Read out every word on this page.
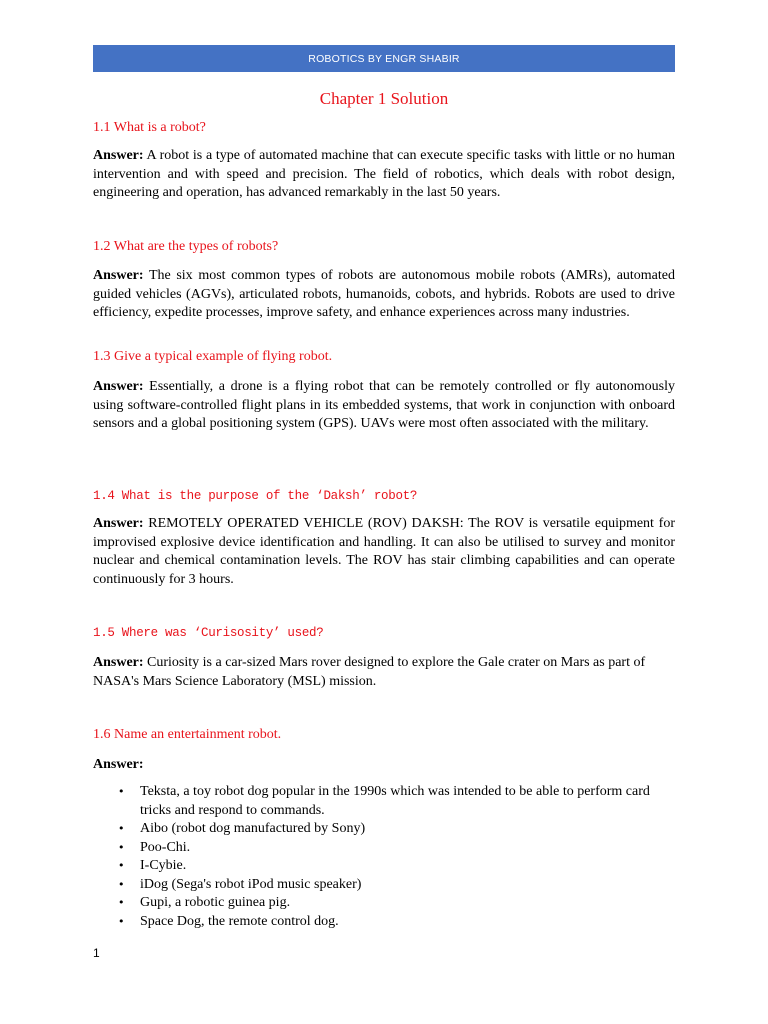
ROBOTICS BY ENGR SHABIR
Chapter 1 Solution
1.1 What is a robot?
Answer: A robot is a type of automated machine that can execute specific tasks with little or no human intervention and with speed and precision. The field of robotics, which deals with robot design, engineering and operation, has advanced remarkably in the last 50 years.
1.2 What are the types of robots?
Answer: The six most common types of robots are autonomous mobile robots (AMRs), automated guided vehicles (AGVs), articulated robots, humanoids, cobots, and hybrids. Robots are used to drive efficiency, expedite processes, improve safety, and enhance experiences across many industries.
1.3 Give a typical example of flying robot.
Answer: Essentially, a drone is a flying robot that can be remotely controlled or fly autonomously using software-controlled flight plans in its embedded systems, that work in conjunction with onboard sensors and a global positioning system (GPS). UAVs were most often associated with the military.
1.4 What is the purpose of the ‘Daksh’ robot?
Answer: REMOTELY OPERATED VEHICLE (ROV) DAKSH: The ROV is versatile equipment for improvised explosive device identification and handling. It can also be utilised to survey and monitor nuclear and chemical contamination levels. The ROV has stair climbing capabilities and can operate continuously for 3 hours.
1.5 Where was ‘Curisosity’ used?
Answer: Curiosity is a car-sized Mars rover designed to explore the Gale crater on Mars as part of NASA's Mars Science Laboratory (MSL) mission.
1.6 Name an entertainment robot.
Answer:
• Teksta, a toy robot dog popular in the 1990s which was intended to be able to perform card tricks and respond to commands.
• Aibo (robot dog manufactured by Sony)
• Poo-Chi.
• I-Cybie.
• iDog (Sega's robot iPod music speaker)
• Gupi, a robotic guinea pig.
• Space Dog, the remote control dog.
1
